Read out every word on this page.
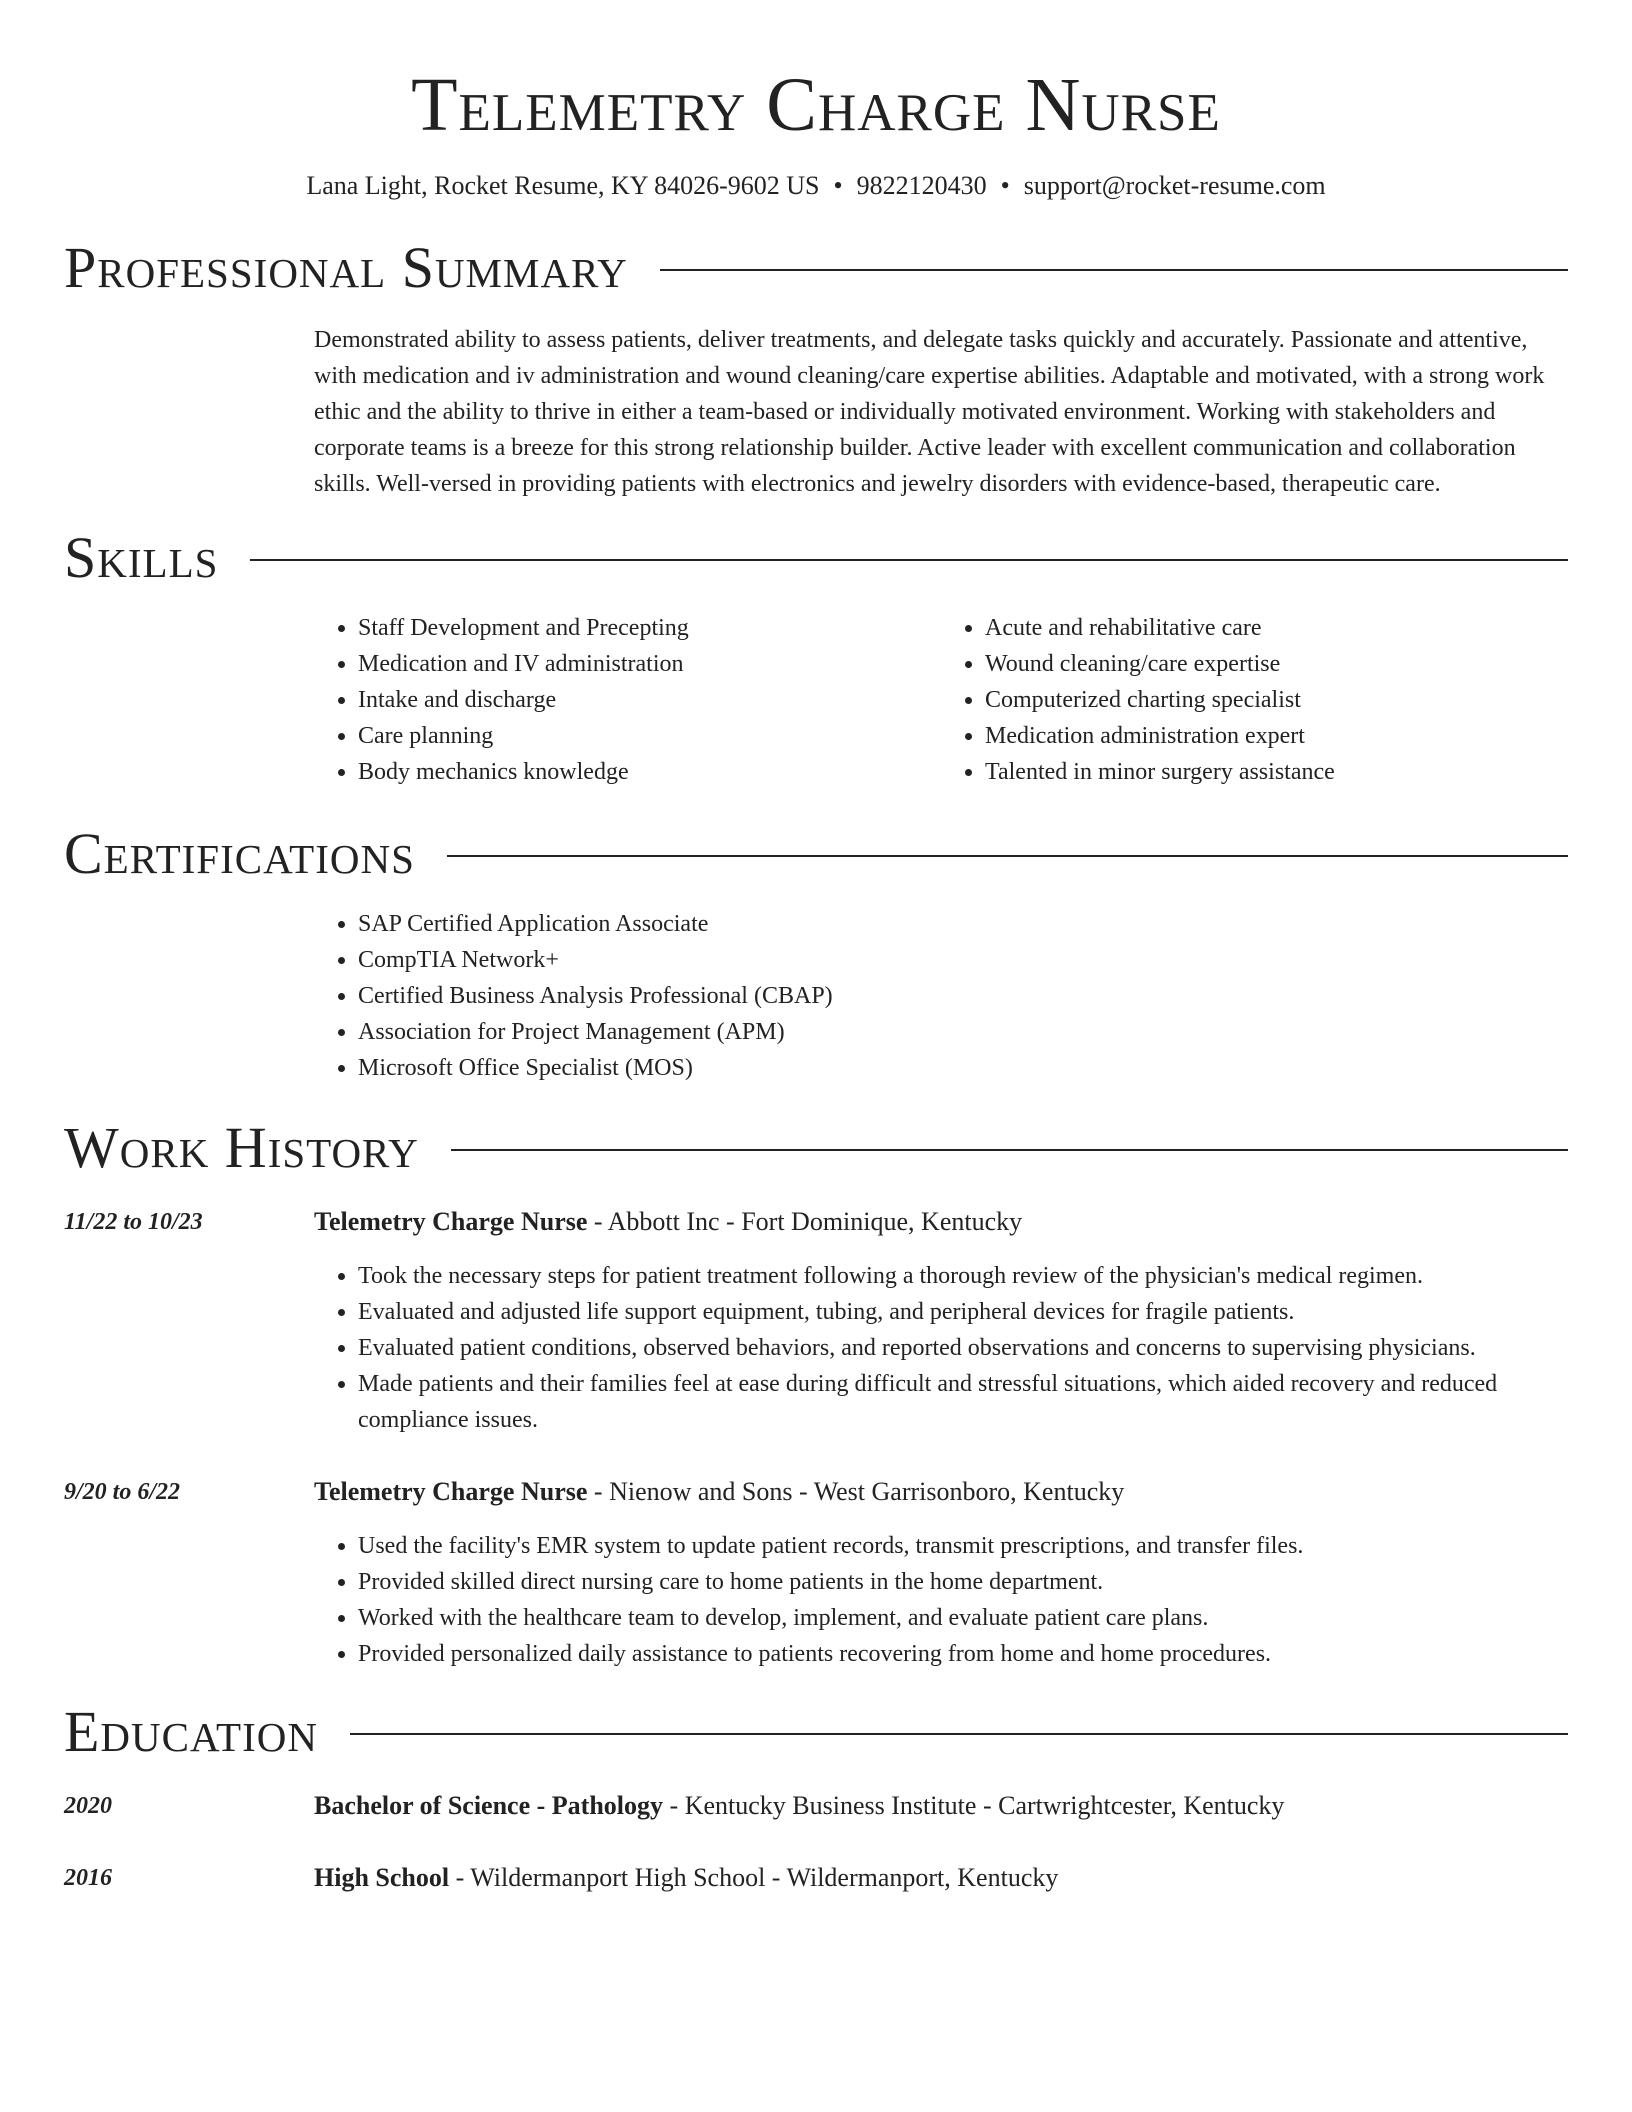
Telemetry Charge Nurse
Lana Light, Rocket Resume, KY 84026-9602 US • 9822120430 • support@rocket-resume.com
Professional Summary
Demonstrated ability to assess patients, deliver treatments, and delegate tasks quickly and accurately. Passionate and attentive, with medication and iv administration and wound cleaning/care expertise abilities. Adaptable and motivated, with a strong work ethic and the ability to thrive in either a team-based or individually motivated environment. Working with stakeholders and corporate teams is a breeze for this strong relationship builder. Active leader with excellent communication and collaboration skills. Well-versed in providing patients with electronics and jewelry disorders with evidence-based, therapeutic care.
Skills
• Staff Development and Precepting
• Medication and IV administration
• Intake and discharge
• Care planning
• Body mechanics knowledge
• Acute and rehabilitative care
• Wound cleaning/care expertise
• Computerized charting specialist
• Medication administration expert
• Talented in minor surgery assistance
Certifications
• SAP Certified Application Associate
• CompTIA Network+
• Certified Business Analysis Professional (CBAP)
• Association for Project Management (APM)
• Microsoft Office Specialist (MOS)
Work History
11/22 to 10/23	Telemetry Charge Nurse - Abbott Inc - Fort Dominique, Kentucky
• Took the necessary steps for patient treatment following a thorough review of the physician's medical regimen.
• Evaluated and adjusted life support equipment, tubing, and peripheral devices for fragile patients.
• Evaluated patient conditions, observed behaviors, and reported observations and concerns to supervising physicians.
• Made patients and their families feel at ease during difficult and stressful situations, which aided recovery and reduced compliance issues.
9/20 to 6/22	Telemetry Charge Nurse - Nienow and Sons - West Garrisonboro, Kentucky
• Used the facility's EMR system to update patient records, transmit prescriptions, and transfer files.
• Provided skilled direct nursing care to home patients in the home department.
• Worked with the healthcare team to develop, implement, and evaluate patient care plans.
• Provided personalized daily assistance to patients recovering from home and home procedures.
Education
2020	Bachelor of Science - Pathology - Kentucky Business Institute - Cartwrightcester, Kentucky
2016	High School - Wildermanport High School - Wildermanport, Kentucky
